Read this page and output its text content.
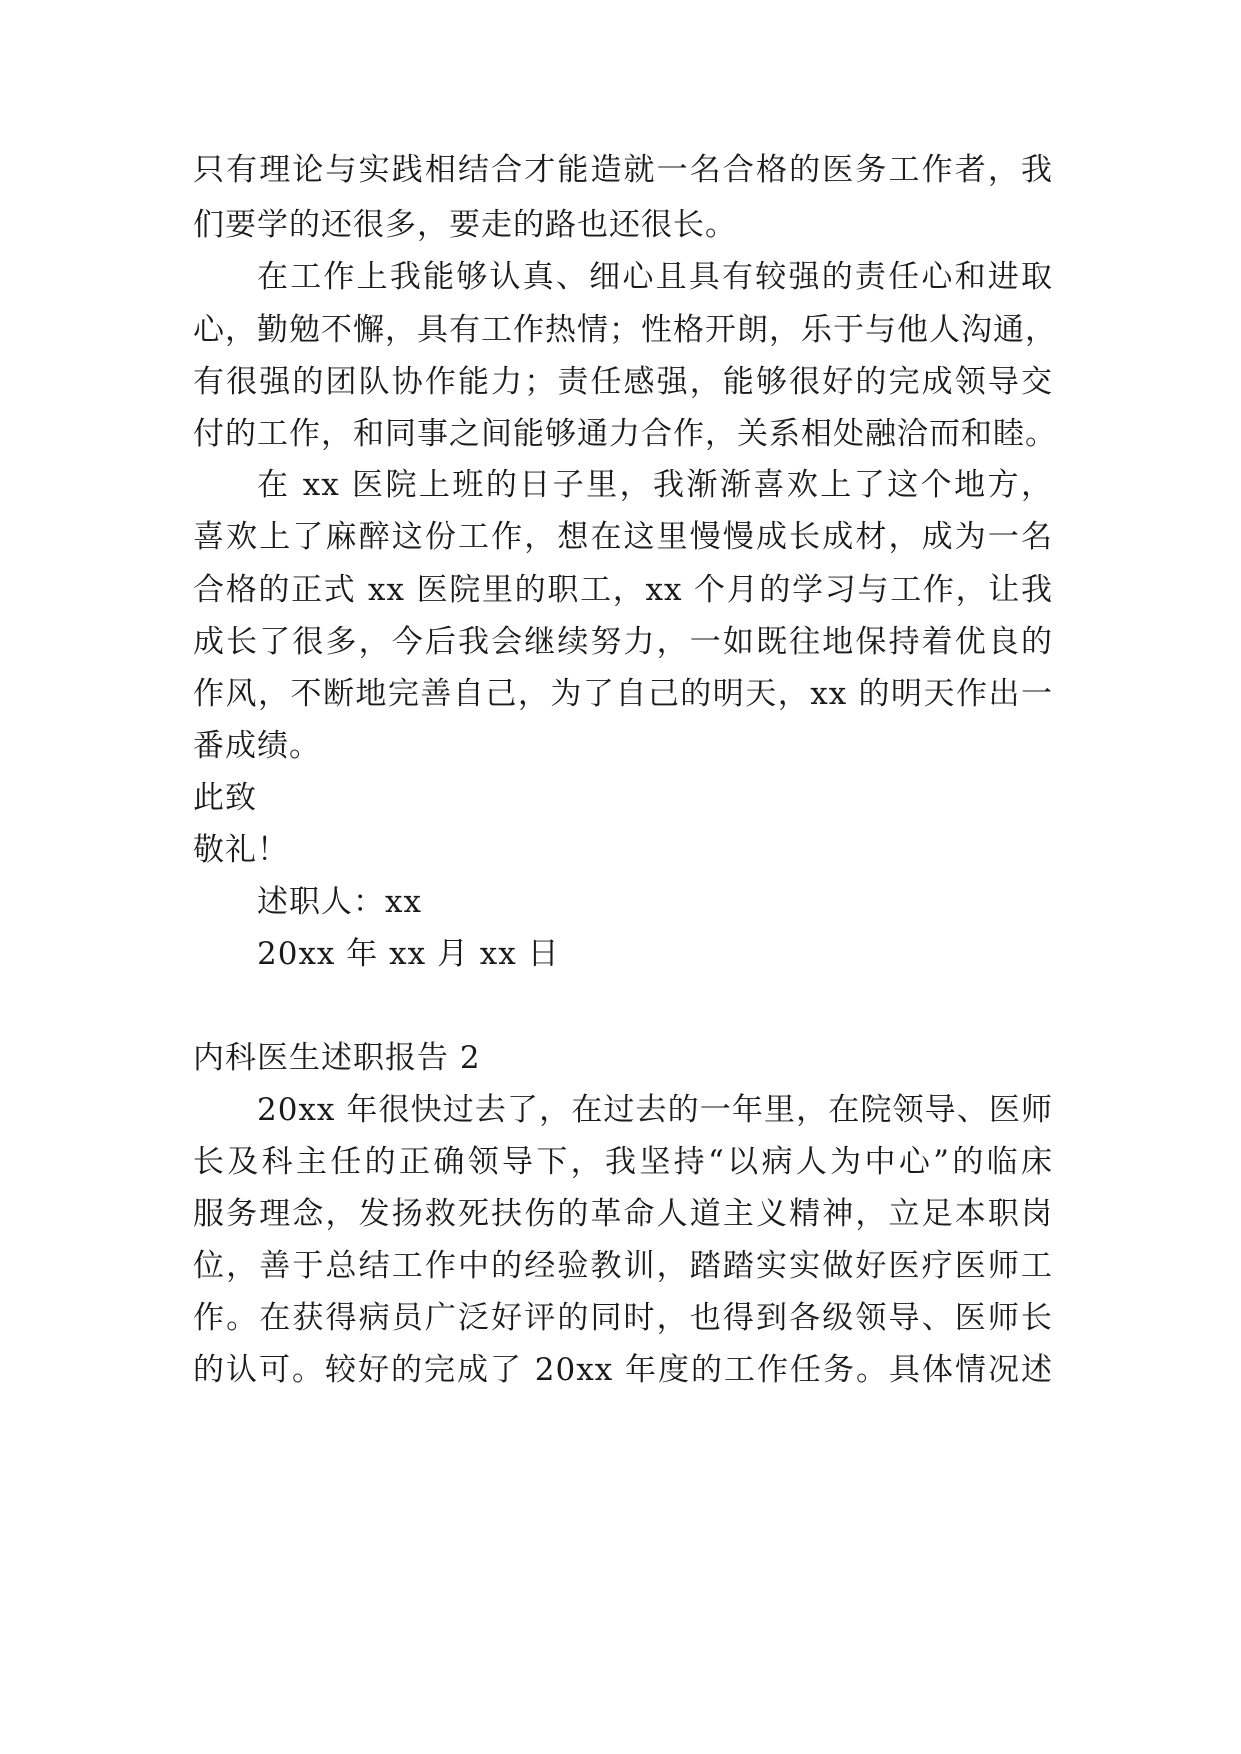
只有理论与实践相结合才能造就一名合格的医务工作者，我
们要学的还很多，要走的路也还很长。
在工作上我能够认真、细心且具有较强的责任心和进取
心，勤勉不懈，具有工作热情；性格开朗，乐于与他人沟通，
有很强的团队协作能力；责任感强，能够很好的完成领导交
付的工作，和同事之间能够通力合作，关系相处融洽而和睦。
在 xx 医院上班的日子里，我渐渐喜欢上了这个地方，
喜欢上了麻醉这份工作，想在这里慢慢成长成材，成为一名
合格的正式 xx 医院里的职工，xx 个月的学习与工作，让我
成长了很多，今后我会继续努力，一如既往地保持着优良的
作风，不断地完善自己，为了自己的明天，xx 的明天作出一
番成绩。
此致
敬礼！
述职人：xx
20xx 年 xx 月 xx 日
内科医生述职报告 2
20xx 年很快过去了，在过去的一年里，在院领导、医师
长及科主任的正确领导下，我坚持“以病人为中心”的临床
服务理念，发扬救死扶伤的革命人道主义精神，立足本职岗
位，善于总结工作中的经验教训，踏踏实实做好医疗医师工
作。在获得病员广泛好评的同时，也得到各级领导、医师长
的认可。较好的完成了 20xx 年度的工作任务。具体情况述
